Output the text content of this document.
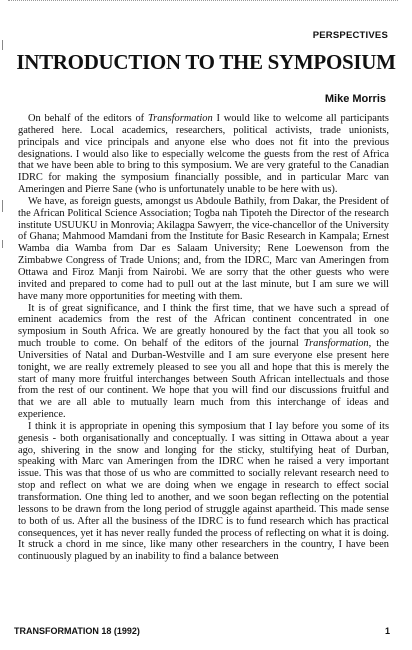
PERSPECTIVES
INTRODUCTION TO THE SYMPOSIUM
Mike Morris

On behalf of the editors of Transformation I would like to welcome all participants gathered here. Local academics, researchers, political activists, trade unionists, principals and vice principals and anyone else who does not fit into the previous designations. I would also like to especially welcome the guests from the rest of Africa that we have been able to bring to this symposium. We are very grateful to the Canadian IDRC for making the symposium financially possible, and in particular Marc van Ameringen and Pierre Sane (who is unfortunately unable to be here with us).

We have, as foreign guests, amongst us Abdoule Bathily, from Dakar, the President of the African Political Science Association; Togba nah Tipoteh the Director of the research institute USUUKU in Monrovia; Akilagpa Sawyerr, the vice-chancellor of the University of Ghana; Mahmood Mamdani from the Institute for Basic Research in Kampala; Ernest Wamba dia Wamba from Dar es Salaam University; Rene Loewenson from the Zimbabwe Congress of Trade Unions; and, from the IDRC, Marc van Ameringen from Ottawa and Firoz Manji from Nairobi. We are sorry that the other guests who were invited and prepared to come had to pull out at the last minute, but I am sure we will have many more opportunities for meeting with them.

It is of great significance, and I think the first time, that we have such a spread of eminent academics from the rest of the African continent concentrated in one symposium in South Africa. We are greatly honoured by the fact that you all took so much trouble to come. On behalf of the editors of the journal Transformation, the Universities of Natal and Durban-Westville and I am sure everyone else present here tonight, we are really extremely pleased to see you all and hope that this is merely the start of many more fruitful interchanges between South African intellectuals and those from the rest of our continent. We hope that you will find our discussions fruitful and that we are all able to mutually learn much from this interchange of ideas and experience.

I think it is appropriate in opening this symposium that I lay before you some of its genesis - both organisationally and conceptually. I was sitting in Ottawa about a year ago, shivering in the snow and longing for the sticky, stultifying heat of Durban, speaking with Marc van Ameringen from the IDRC when he raised a very important issue. This was that those of us who are committed to socially relevant research need to stop and reflect on what we are doing when we engage in research to effect social transformation. One thing led to another, and we soon began reflecting on the potential lessons to be drawn from the long period of struggle against apartheid. This made sense to both of us. After all the business of the IDRC is to fund research which has practical consequences, yet it has never really funded the process of reflecting on what it is doing. It struck a chord in me since, like many other researchers in the country, I have been continuously plagued by an inability to find a balance between

TRANSFORMATION 18 (1992)	1
